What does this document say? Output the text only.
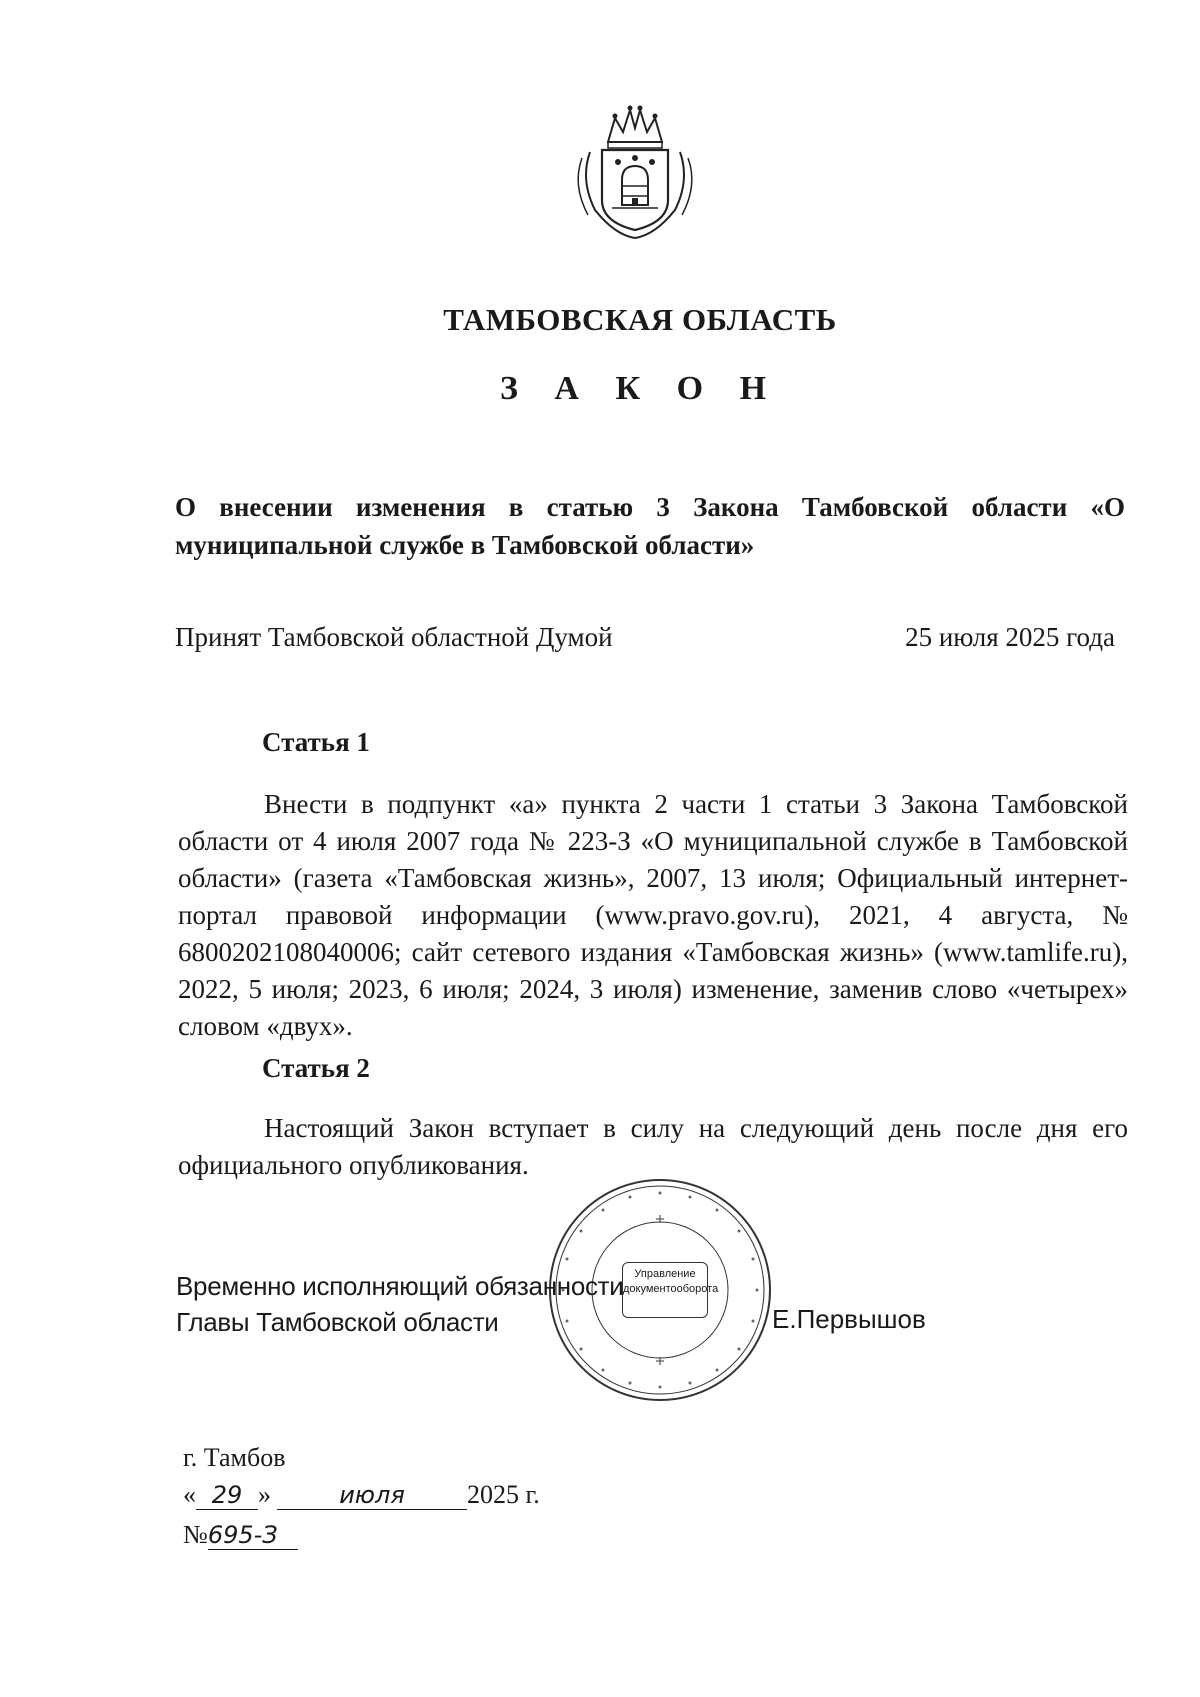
ТАМБОВСКАЯ ОБЛАСТЬ
З А К О Н
О внесении изменения в статью 3 Закона Тамбовской области «О муниципальной службе в Тамбовской области»
Принят Тамбовской областной Думой	25 июля 2025 года
Статья 1
Внести в подпункт «а» пункта 2 части 1 статьи 3 Закона Тамбовской области от 4 июля 2007 года № 223-З «О муниципальной службе в Тамбовской области» (газета «Тамбовская жизнь», 2007, 13 июля; Официальный интернет-портал правовой информации (www.pravo.gov.ru), 2021, 4 августа, № 6800202108040006; сайт сетевого издания «Тамбовская жизнь» (www.tamlife.ru), 2022, 5 июля; 2023, 6 июля; 2024, 3 июля) изменение, заменив слово «четырех» словом «двух».
Статья 2
Настоящий Закон вступает в силу на следующий день после дня его официального опубликования.
Управление
документооборота
Временно исполняющий обязанности
Главы Тамбовской области	Е.Первышов
г. Тамбов
« 29 »	июля 2025 г.
№695-З
